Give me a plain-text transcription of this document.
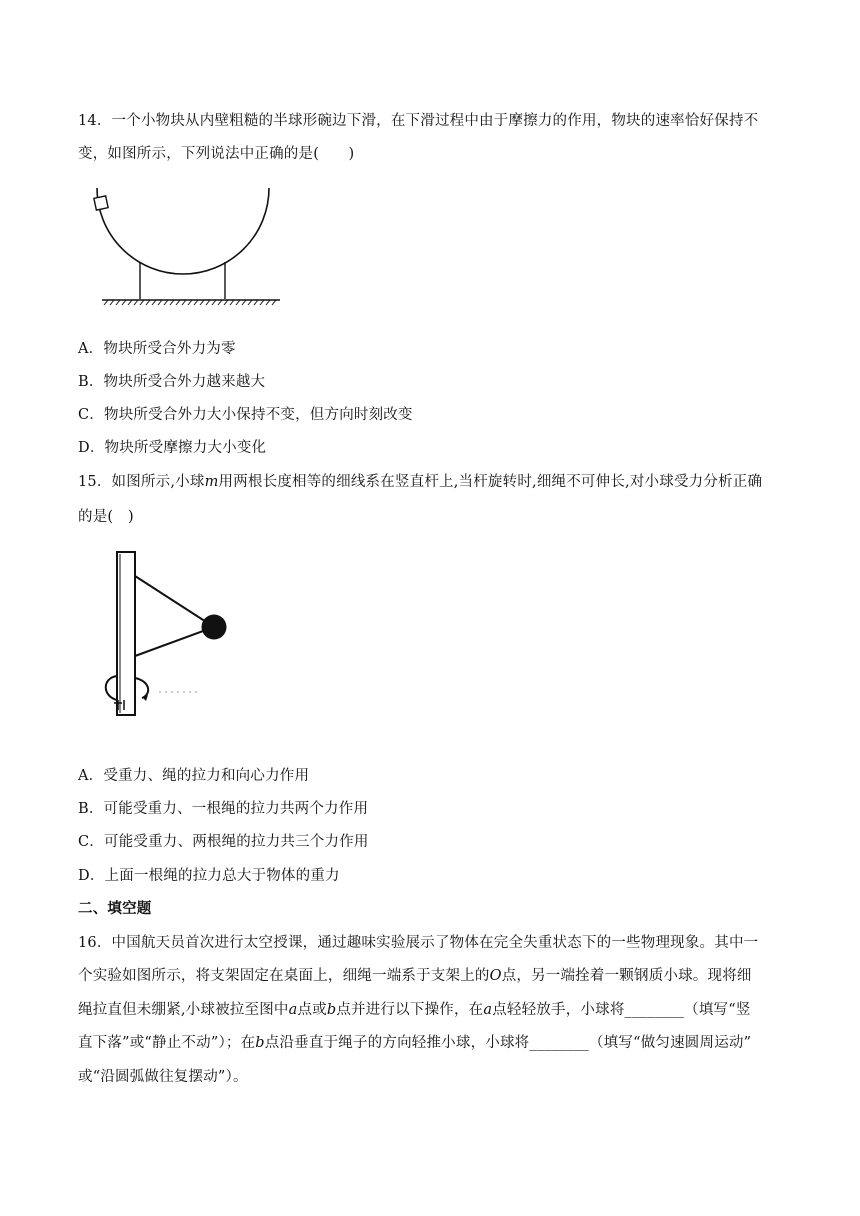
14．一个小物块从内壁粗糙的半球形碗边下滑，在下滑过程中由于摩擦力的作用，物块的速率恰好保持不
变，如图所示，下列说法中正确的是(　　)
A．物块所受合外力为零
B．物块所受合外力越来越大
C．物块所受合外力大小保持不变，但方向时刻改变
D．物块所受摩擦力大小变化
15．如图所示,小球m用两根长度相等的细线系在竖直杆上,当杆旋转时,细绳不可伸长,对小球受力分析正确
的是(　)
A．受重力、绳的拉力和向心力作用
B．可能受重力、一根绳的拉力共两个力作用
C．可能受重力、两根绳的拉力共三个力作用
D．上面一根绳的拉力总大于物体的重力
二、填空题
16．中国航天员首次进行太空授课，通过趣味实验展示了物体在完全失重状态下的一些物理现象。其中一
个实验如图所示，将支架固定在桌面上，细绳一端系于支架上的O点，另一端拴着一颗钢质小球。现将细
绳拉直但未绷紧,小球被拉至图中a点或b点并进行以下操作，在a点轻轻放手，小球将________（填写“竖
直下落”或“静止不动”）；在b点沿垂直于绳子的方向轻推小球，小球将________（填写“做匀速圆周运动”
或“沿圆弧做往复摆动”）。
